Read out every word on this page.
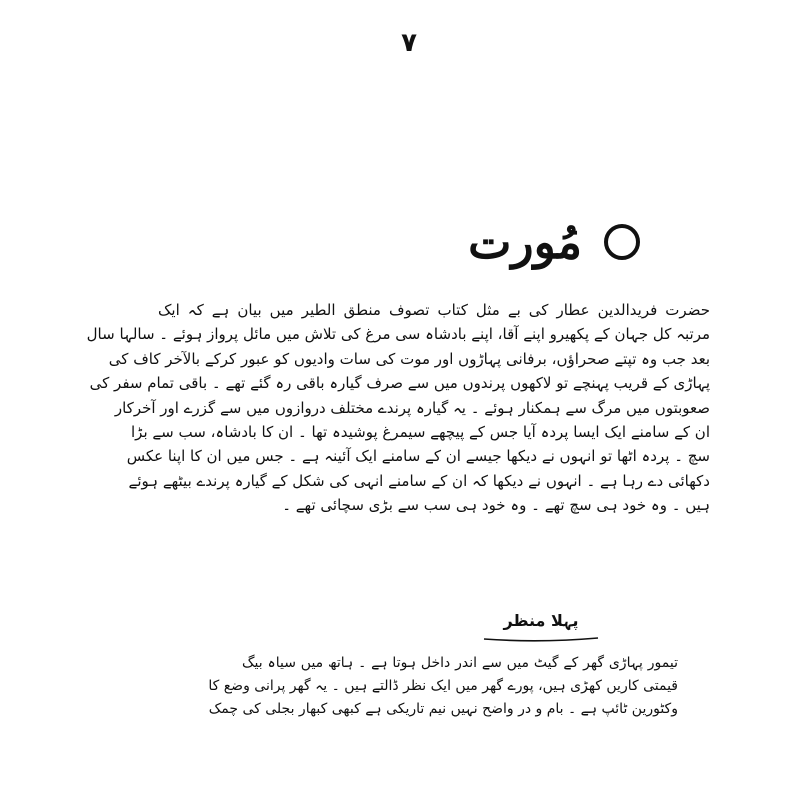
۷
مُورت
حضرت فریدالدین عطار کی بے مثل کتاب تصوف منطق الطیر میں بیان ہے کہ ایک
مرتبہ کل جہان کے پکھیرو اپنے آقا، اپنے بادشاہ سی مرغ کی تلاش میں مائل پرواز ہوئے ۔ سالہا سال
بعد جب وہ تپتے صحراؤں، برفانی پہاڑوں اور موت کی سات وادیوں کو عبور کرکے بالآخر کاف کی
پہاڑی کے قریب پہنچے تو لاکھوں پرندوں میں سے صرف گیارہ باقی رہ گئے تھے ۔ باقی تمام سفر کی
صعوبتوں میں مرگ سے ہمکنار ہوئے ۔ یہ گیارہ پرندے مختلف دروازوں میں سے گزرے اور آخرکار
ان کے سامنے ایک ایسا پردہ آیا جس کے پیچھے سیمرغ پوشیدہ تھا ۔ ان کا بادشاہ، سب سے بڑا
سچ ۔ پردہ اٹھا تو انہوں نے دیکھا جیسے ان کے سامنے ایک آئینہ ہے ۔ جس میں ان کا اپنا عکس
دکھائی دے رہا ہے ۔ انہوں نے دیکھا کہ ان کے سامنے انہی کی شکل کے گیارہ پرندے بیٹھے ہوئے
ہیں ۔ وہ خود ہی سچ تھے ۔ وہ خود ہی سب سے بڑی سچائی تھے ۔
پہلا منظر
تیمور پہاڑی گھر کے گیٹ میں سے اندر داخل ہوتا ہے ۔ ہاتھ میں سیاہ بیگ
قیمتی کاریں کھڑی ہیں، پورے گھر میں ایک نظر ڈالتے ہیں ۔ یہ گھر پرانی وضع کا
وکٹورین ٹائپ ہے ۔ بام و در واضح نہیں نیم تاریکی ہے کبھی کبھار بجلی کی چمک
